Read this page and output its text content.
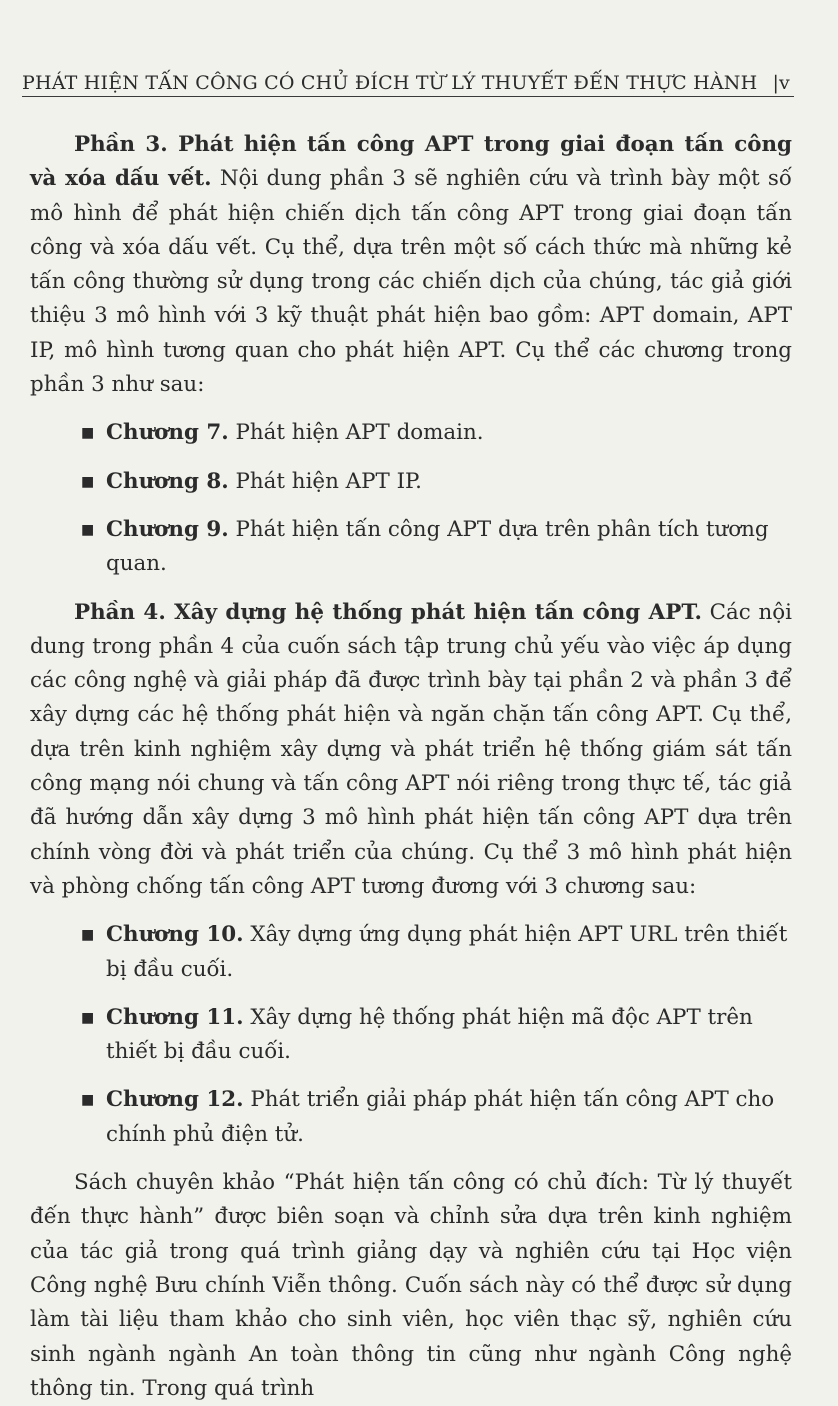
PHÁT HIỆN TẤN CÔNG CÓ CHỦ ĐÍCH TỪ LÝ THUYẾT ĐẾN THỰC HÀNH |v

Phần 3. Phát hiện tấn công APT trong giai đoạn tấn công và xóa dấu vết. Nội dung phần 3 sẽ nghiên cứu và trình bày một số mô hình để phát hiện chiến dịch tấn công APT trong giai đoạn tấn công và xóa dấu vết. Cụ thể, dựa trên một số cách thức mà những kẻ tấn công thường sử dụng trong các chiến dịch của chúng, tác giả giới thiệu 3 mô hình với 3 kỹ thuật phát hiện bao gồm: APT domain, APT IP, mô hình tương quan cho phát hiện APT. Cụ thể các chương trong phần 3 như sau:

■ Chương 7. Phát hiện APT domain.
■ Chương 8. Phát hiện APT IP.
■ Chương 9. Phát hiện tấn công APT dựa trên phân tích tương quan.

Phần 4. Xây dựng hệ thống phát hiện tấn công APT. Các nội dung trong phần 4 của cuốn sách tập trung chủ yếu vào việc áp dụng các công nghệ và giải pháp đã được trình bày tại phần 2 và phần 3 để xây dựng các hệ thống phát hiện và ngăn chặn tấn công APT. Cụ thể, dựa trên kinh nghiệm xây dựng và phát triển hệ thống giám sát tấn công mạng nói chung và tấn công APT nói riêng trong thực tế, tác giả đã hướng dẫn xây dựng 3 mô hình phát hiện tấn công APT dựa trên chính vòng đời và phát triển của chúng. Cụ thể 3 mô hình phát hiện và phòng chống tấn công APT tương đương với 3 chương sau:

■ Chương 10. Xây dựng ứng dụng phát hiện APT URL trên thiết bị đầu cuối.
■ Chương 11. Xây dựng hệ thống phát hiện mã độc APT trên thiết bị đầu cuối.
■ Chương 12. Phát triển giải pháp phát hiện tấn công APT cho chính phủ điện tử.

Sách chuyên khảo “Phát hiện tấn công có chủ đích: Từ lý thuyết đến thực hành” được biên soạn và chỉnh sửa dựa trên kinh nghiệm của tác giả trong quá trình giảng dạy và nghiên cứu tại Học viện Công nghệ Bưu chính Viễn thông. Cuốn sách này có thể được sử dụng làm tài liệu tham khảo cho sinh viên, học viên thạc sỹ, nghiên cứu sinh ngành ngành An toàn thông tin cũng như ngành Công nghệ thông tin. Trong quá trình
